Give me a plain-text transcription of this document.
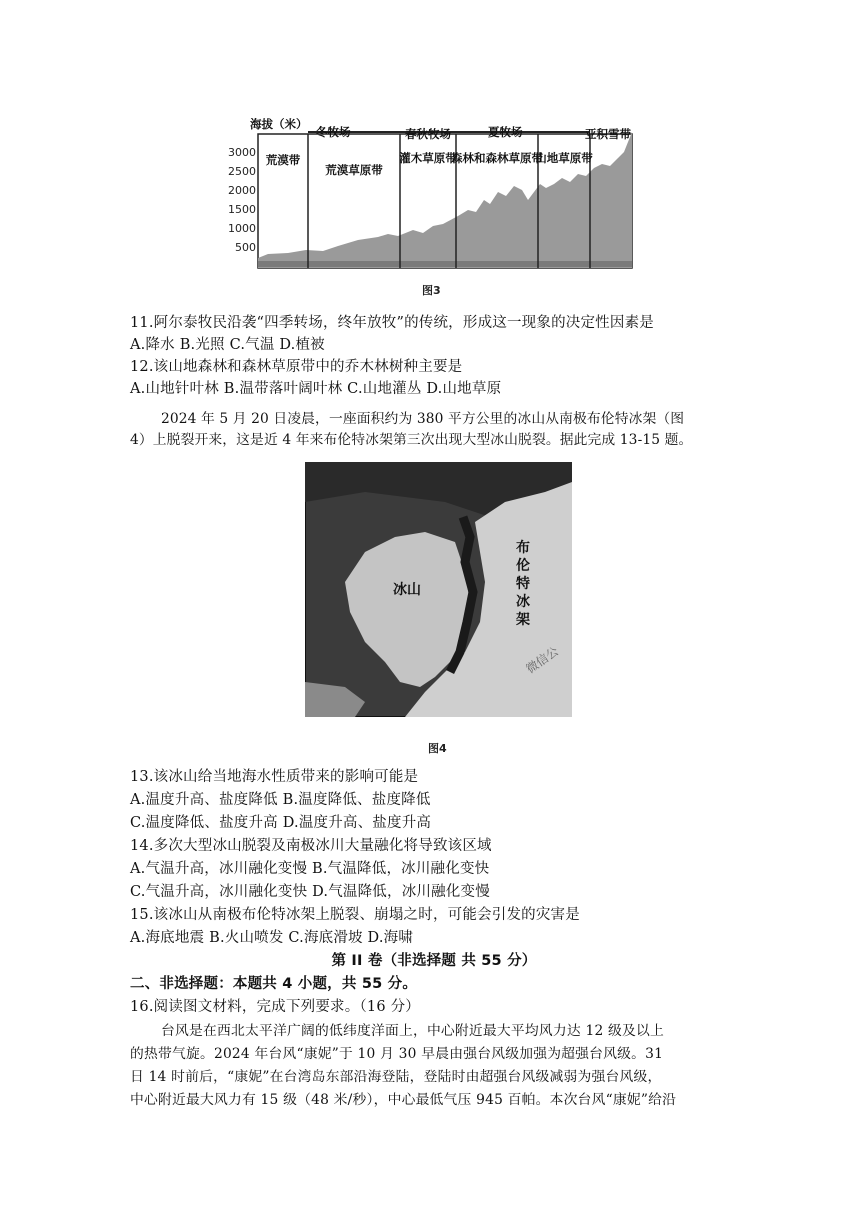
3000
2500
2000
1500
1000
500
海拔（米）
冬牧场	春秋牧场	夏牧场	亚积雪带
荒漠带
荒漠草原带
灌木草原带
森林和森林草原带
山地草原带
图3
11.阿尔泰牧民沿袭“四季转场，终年放牧”的传统，形成这一现象的决定性因素是
A.降水 B.光照 C.气温 D.植被
12.该山地森林和森林草原带中的乔木林树种主要是
A.山地针叶林 B.温带落叶阔叶林 C.山地灌丛 D.山地草原
2024 年 5 月 20 日凌晨，一座面积约为 380 平方公里的冰山从南极布伦特冰架（图
4）上脱裂开来，这是近 4 年来布伦特冰架第三次出现大型冰山脱裂。据此完成 13-15 题。
冰山
布
伦
特
冰
架
微信公
图4
13.该冰山给当地海水性质带来的影响可能是
A.温度升高、盐度降低 B.温度降低、盐度降低
C.温度降低、盐度升高 D.温度升高、盐度升高
14.多次大型冰山脱裂及南极冰川大量融化将导致该区域
A.气温升高，冰川融化变慢 B.气温降低，冰川融化变快
C.气温升高，冰川融化变快 D.气温降低，冰川融化变慢
15.该冰山从南极布伦特冰架上脱裂、崩塌之时，可能会引发的灾害是
A.海底地震 B.火山喷发 C.海底滑坡 D.海啸
第 II 卷（非选择题 共 55 分）
二、非选择题：本题共 4 小题，共 55 分。
16.阅读图文材料，完成下列要求。（16 分）
台风是在西北太平洋广阔的低纬度洋面上，中心附近最大平均风力达 12 级及以上
的热带气旋。2024 年台风“康妮”于 10 月 30 早晨由强台风级加强为超强台风级。31
日 14 时前后，“康妮”在台湾岛东部沿海登陆，登陆时由超强台风级减弱为强台风级，
中心附近最大风力有 15 级（48 米/秒），中心最低气压 945 百帕。本次台风“康妮”给沿
